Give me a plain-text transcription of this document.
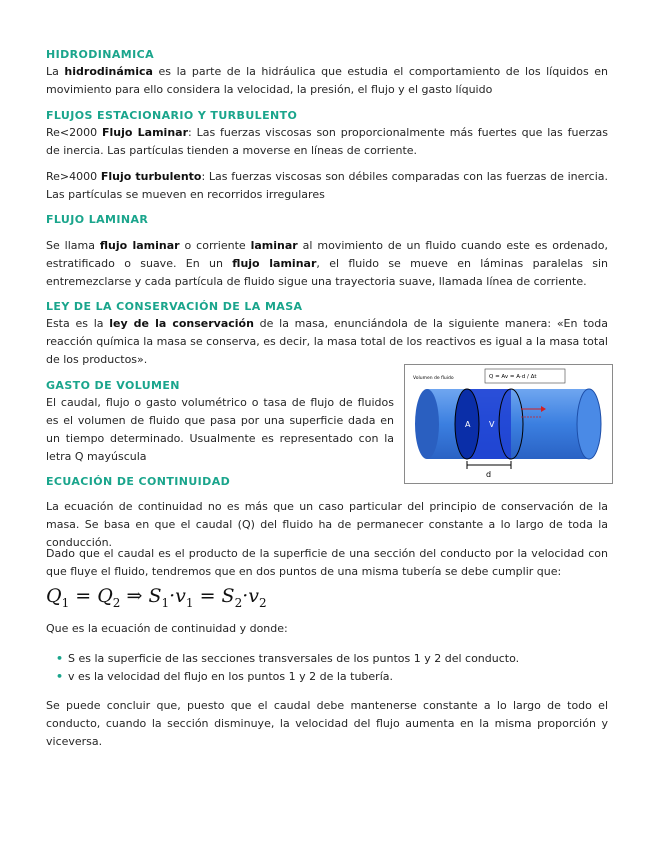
HIDRODINAMICA

La hidrodinámica es la parte de la hidráulica que estudia el comportamiento de los líquidos en movimiento para ello considera la velocidad, la presión, el flujo y el gasto líquido

FLUJOS ESTACIONARIO Y TURBULENTO

Re<2000 Flujo Laminar: Las fuerzas viscosas son proporcionalmente más fuertes que las fuerzas de inercia. Las partículas tienden a moverse en líneas de corriente.

Re>4000 Flujo turbulento: Las fuerzas viscosas son débiles comparadas con las fuerzas de inercia. Las partículas se mueven en recorridos irregulares

FLUJO LAMINAR

Se llama flujo laminar o corriente laminar al movimiento de un fluido cuando este es ordenado, estratificado o suave. En un flujo laminar, el fluido se mueve en láminas paralelas sin entremezclarse y cada partícula de fluido sigue una trayectoria suave, llamada línea de corriente.

LEY DE LA CONSERVACIÓN DE LA MASA

Esta es la ley de la conservación de la masa, enunciándola de la siguiente manera: «En toda reacción química la masa se conserva, es decir, la masa total de los reactivos es igual a la masa total de los productos».

GASTO DE VOLUMEN

El caudal, flujo o gasto volumétrico o tasa de flujo de fluidos es el volumen de fluido que pasa por una superficie dada en un tiempo determinado. Usualmente es representado con la letra Q mayúscula

A V
d
Volumen de fluido	Q = Av = A·d / Δt

ECUACIÓN DE CONTINUIDAD

La ecuación de continuidad no es más que un caso particular del principio de conservación de la masa. Se basa en que el caudal (Q) del fluido ha de permanecer constante a lo largo de toda la conducción.

Dado que el caudal es el producto de la superficie de una sección del conducto por la velocidad con que fluye el fluido, tendremos que en dos puntos de una misma tubería se debe cumplir que:

$Q_1 = Q_2$ ⇒ $S_1\cdot v_1 = S_2\cdot v_2$

Que es la ecuación de continuidad y donde:

• S es la superficie de las secciones transversales de los puntos 1 y 2 del conducto.
• v es la velocidad del flujo en los puntos 1 y 2 de la tubería.

Se puede concluir que, puesto que el caudal debe mantenerse constante a lo largo de todo el conducto, cuando la sección disminuye, la velocidad del flujo aumenta en la misma proporción y viceversa.
